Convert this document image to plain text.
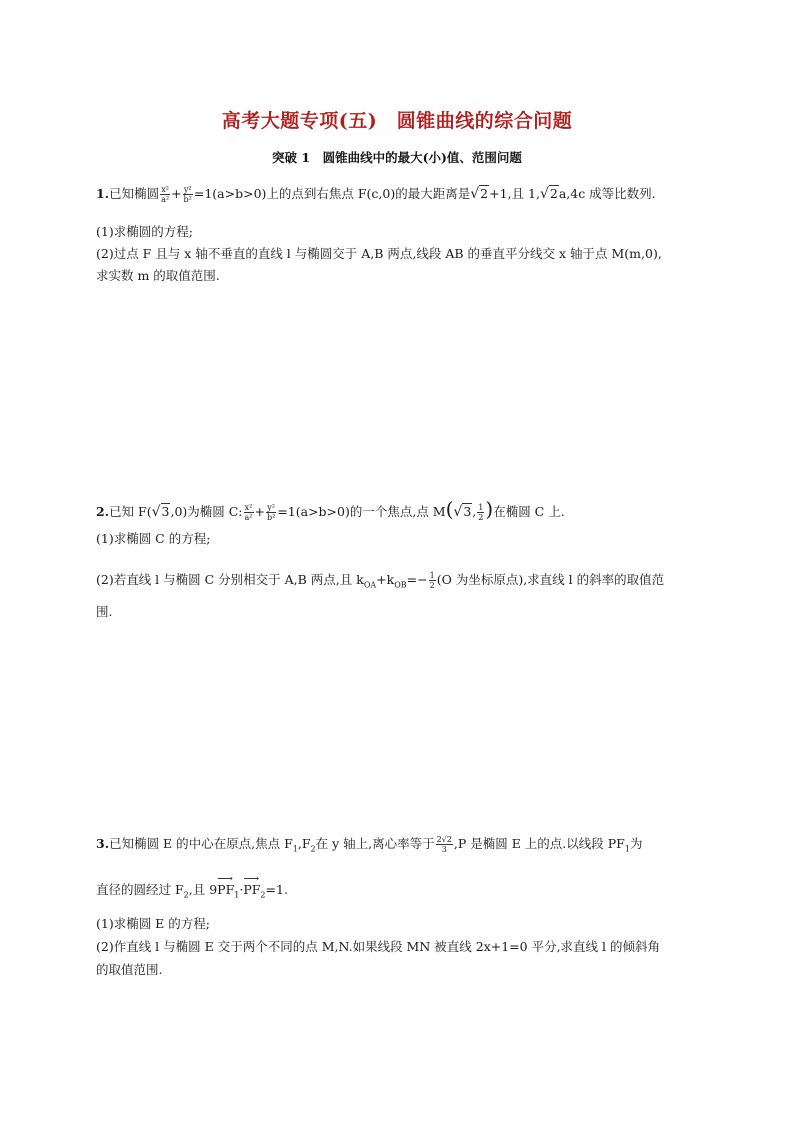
高考大题专项(五)　圆锥曲线的综合问题
突破 1　圆锥曲线中的最大(小)值、范围问题
1.已知椭圆 $\frac{\text{x²}}{\text{a²}} + \frac{\text{y²}}{\text{b²}} =1(a>b>0)$上的点到右焦点 F(c,0)的最大距离是√2+1,且 1,√2a,4c 成等比数列.
(1)求椭圆的方程;
(2)过点 F 且与 x 轴不垂直的直线 l 与椭圆交于 A,B 两点,线段 AB 的垂直平分线交 x 轴于点 M(m,0),
求实数 m 的取值范围.
2.已知 F(√3,0)为椭圆 C: $\frac{\text{x²}}{\text{a²}} + \frac{\text{y²}}{\text{b²}} =1(a>b>0)$的一个焦点,点 M(√3, $\frac{1}{2}$ )在椭圆 C 上.
(1)求椭圆 C 的方程;
(2)若直线 l 与椭圆 C 分别相交于 A,B 两点,且 $k_{OA}+k_{OB}=- \frac{1}{2} (O$ 为坐标原点),求直线 l 的斜率的取值范
围.
3.已知椭圆 E 的中心在原点,焦点 $F_1,F_2$在 y 轴上,离心率等于 $\frac{2√2}{3} ,P$ 是椭圆 E 上的点.以线段 $PF_1$为
直径的圆经过 $F_2$,且 9⟶ $PF_1\cdot⟶$ $PF_2=1$.
(1)求椭圆 E 的方程;
(2)作直线 l 与椭圆 E 交于两个不同的点 M,N.如果线段 MN 被直线 2x+1=0 平分,求直线 l 的倾斜角
的取值范围.
